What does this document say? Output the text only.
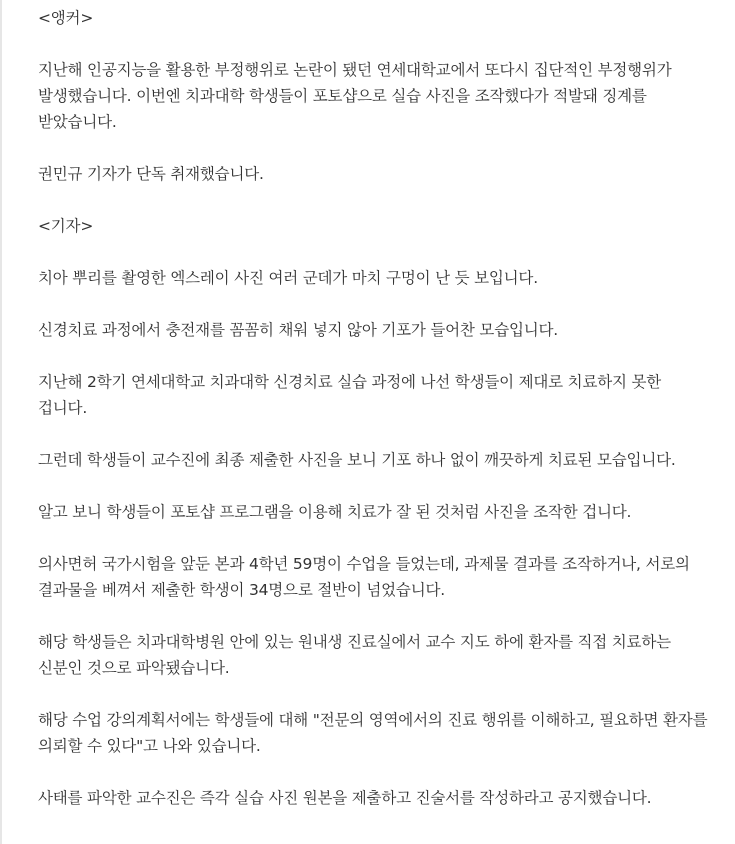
<앵커>

지난해 인공지능을 활용한 부정행위로 논란이 됐던 연세대학교에서 또다시 집단적인 부정행위가 발생했습니다. 이번엔 치과대학 학생들이 포토샵으로 실습 사진을 조작했다가 적발돼 징계를 받았습니다.

권민규 기자가 단독 취재했습니다.

<기자>

치아 뿌리를 촬영한 엑스레이 사진 여러 군데가 마치 구멍이 난 듯 보입니다.

신경치료 과정에서 충전재를 꼼꼼히 채워 넣지 않아 기포가 들어찬 모습입니다.

지난해 2학기 연세대학교 치과대학 신경치료 실습 과정에 나선 학생들이 제대로 치료하지 못한 겁니다.

그런데 학생들이 교수진에 최종 제출한 사진을 보니 기포 하나 없이 깨끗하게 치료된 모습입니다.

알고 보니 학생들이 포토샵 프로그램을 이용해 치료가 잘 된 것처럼 사진을 조작한 겁니다.

의사면허 국가시험을 앞둔 본과 4학년 59명이 수업을 들었는데, 과제물 결과를 조작하거나, 서로의 결과물을 베껴서 제출한 학생이 34명으로 절반이 넘었습니다.

해당 학생들은 치과대학병원 안에 있는 원내생 진료실에서 교수 지도 하에 환자를 직접 치료하는 신분인 것으로 파악됐습니다.

해당 수업 강의계획서에는 학생들에 대해 "전문의 영역에서의 진료 행위를 이해하고, 필요하면 환자를 의뢰할 수 있다"고 나와 있습니다.

사태를 파악한 교수진은 즉각 실습 사진 원본을 제출하고 진술서를 작성하라고 공지했습니다.
